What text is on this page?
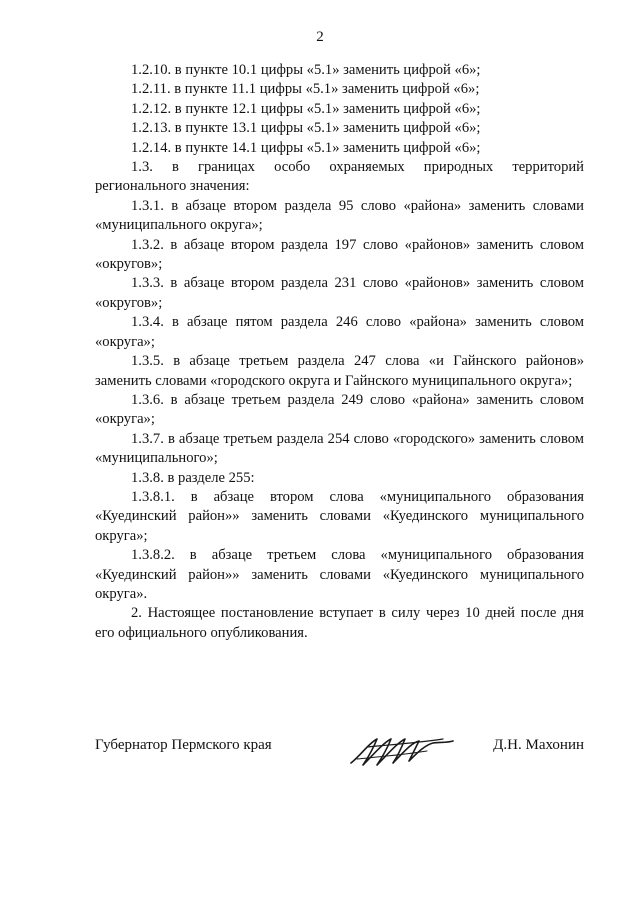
2

1.2.10. в пункте 10.1 цифры «5.1» заменить цифрой «6»;

1.2.11. в пункте 11.1 цифры «5.1» заменить цифрой «6»;

1.2.12. в пункте 12.1 цифры «5.1» заменить цифрой «6»;

1.2.13. в пункте 13.1 цифры «5.1» заменить цифрой «6»;

1.2.14. в пункте 14.1 цифры «5.1» заменить цифрой «6»;

1.3. в границах особо охраняемых природных территорий регионального значения:

1.3.1. в абзаце втором раздела 95 слово «района» заменить словами «муниципального округа»;

1.3.2. в абзаце втором раздела 197 слово «районов» заменить словом «округов»;

1.3.3. в абзаце втором раздела 231 слово «районов» заменить словом «округов»;

1.3.4. в абзаце пятом раздела 246 слово «района» заменить словом «округа»;

1.3.5. в абзаце третьем раздела 247 слова «и Гайнского районов» заменить словами «городского округа и Гайнского муниципального округа»;

1.3.6. в абзаце третьем раздела 249 слово «района» заменить словом «округа»;

1.3.7. в абзаце третьем раздела 254 слово «городского» заменить словом «муниципального»;

1.3.8. в разделе 255:

1.3.8.1. в абзаце втором слова «муниципального образования «Куединский район»» заменить словами «Куединского муниципального округа»;

1.3.8.2. в абзаце третьем слова «муниципального образования «Куединский район»» заменить словами «Куединского муниципального округа».

2. Настоящее постановление вступает в силу через 10 дней после дня его официального опубликования.

Губернатор Пермского края	Д.Н. Махонин
